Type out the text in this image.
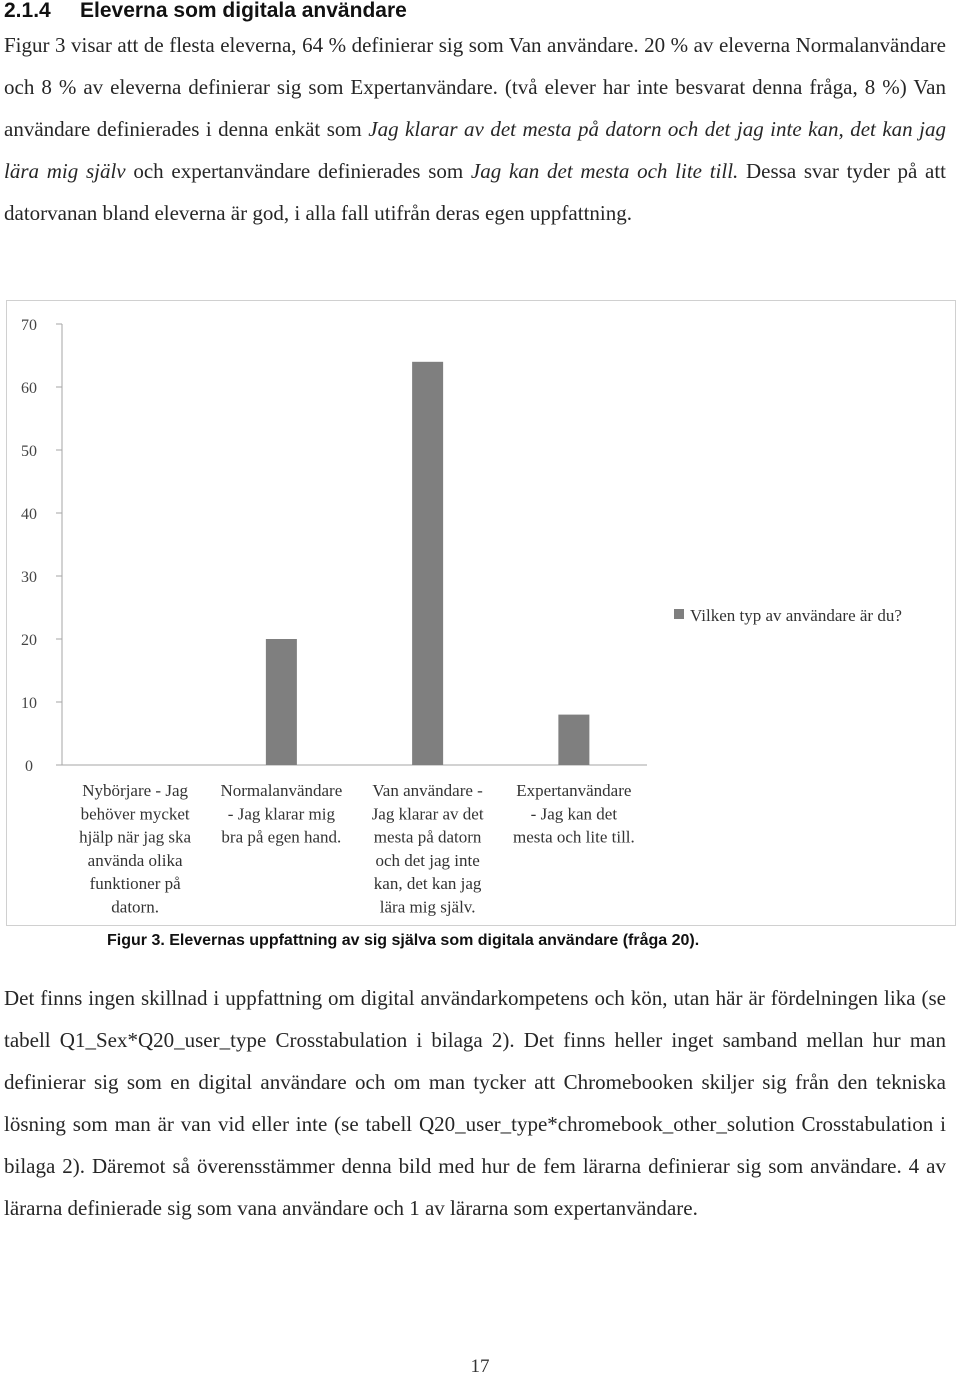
2.1.4 Eleverna som digitala användare

Figur 3 visar att de flesta eleverna, 64 % definierar sig som Van användare. 20 % av eleverna Normalanvändare och 8 % av eleverna definierar sig som Expertanvändare. (två elever har inte besvarat denna fråga, 8 %) Van användare definierades i denna enkät som Jag klarar av det mesta på datorn och det jag inte kan, det kan jag lära mig själv och expertanvändare definierades som Jag kan det mesta och lite till. Dessa svar tyder på att datorvanan bland eleverna är god, i alla fall utifrån deras egen uppfattning.

0
10
20
30
40
50
60
70
Nybörjare - Jag behöver mycket hjälp när jag ska använda olika funktioner på datorn.
Normalanvändare - Jag klarar mig bra på egen hand.
Van användare -Jag klarar av det mesta på datorn och det jag inte kan, det kan jag lära mig själv.
Expertanvändare - Jag kan det mesta och lite till.
Vilken typ av användare är du?

Figur 3. Elevernas uppfattning av sig själva som digitala användare (fråga 20).

Det finns ingen skillnad i uppfattning om digital användarkompetens och kön, utan här är fördelningen lika (se tabell Q1_Sex*Q20_user_type Crosstabulation i bilaga 2). Det finns heller inget samband mellan hur man definierar sig som en digital användare och om man tycker att Chromebooken skiljer sig från den tekniska lösning som man är van vid eller inte (se tabell Q20_user_type*chromebook_other_solution Crosstabulation i bilaga 2). Däremot så överensstämmer denna bild med hur de fem lärarna definierar sig som användare. 4 av lärarna definierade sig som vana användare och 1 av lärarna som expertanvändare.

17
